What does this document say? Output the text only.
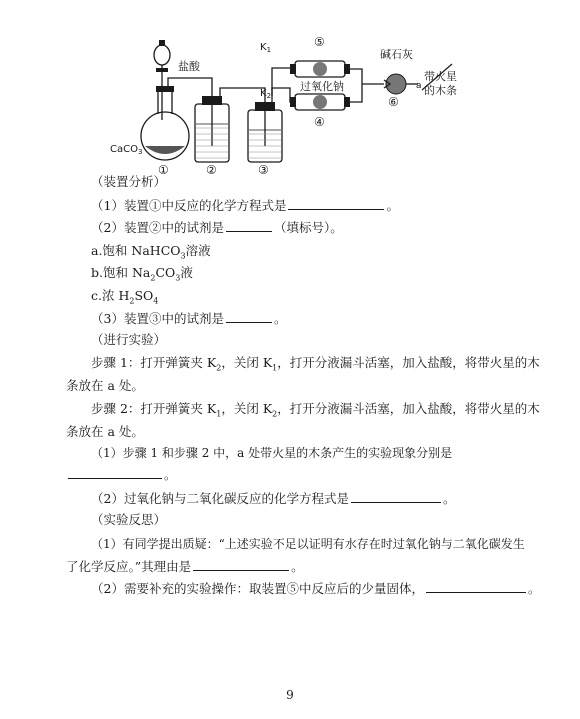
盐酸
$K_1$
$K_2$
⑤
④
过氧化钠
碱石灰
⑥
a
带火星
的木条
CaCO$_3$
①	②	③
（装置分析）
（1）装置①中反应的化学方程式是	。
（2）装置②中的试剂是	（填标号）。
a.饱和 NaHCO$_3$溶液
b.饱和 $Na_2CO_3$液
c.浓 $H_2SO_4$
（3）装置③中的试剂是	。
（进行实验）
步骤 1：打开弹簧夹 $K_2$，关闭 $K_1$，打开分液漏斗活塞，加入盐酸，将带火星的木
条放在 a 处。
步骤 2：打开弹簧夹 $K_1$，关闭 $K_2$，打开分液漏斗活塞，加入盐酸，将带火星的木
条放在 a 处。
（1）步骤 1 和步骤 2 中，a 处带火星的木条产生的实验现象分别是
。
（2）过氧化钠与二氧化碳反应的化学方程式是	。
（实验反思）
（1）有同学提出质疑：“上述实验不足以证明有水存在时过氧化钠与二氧化碳发生
了化学反应。”其理由是	。
（2）需要补充的实验操作：取装置⑤中反应后的少量固体，	。
9
